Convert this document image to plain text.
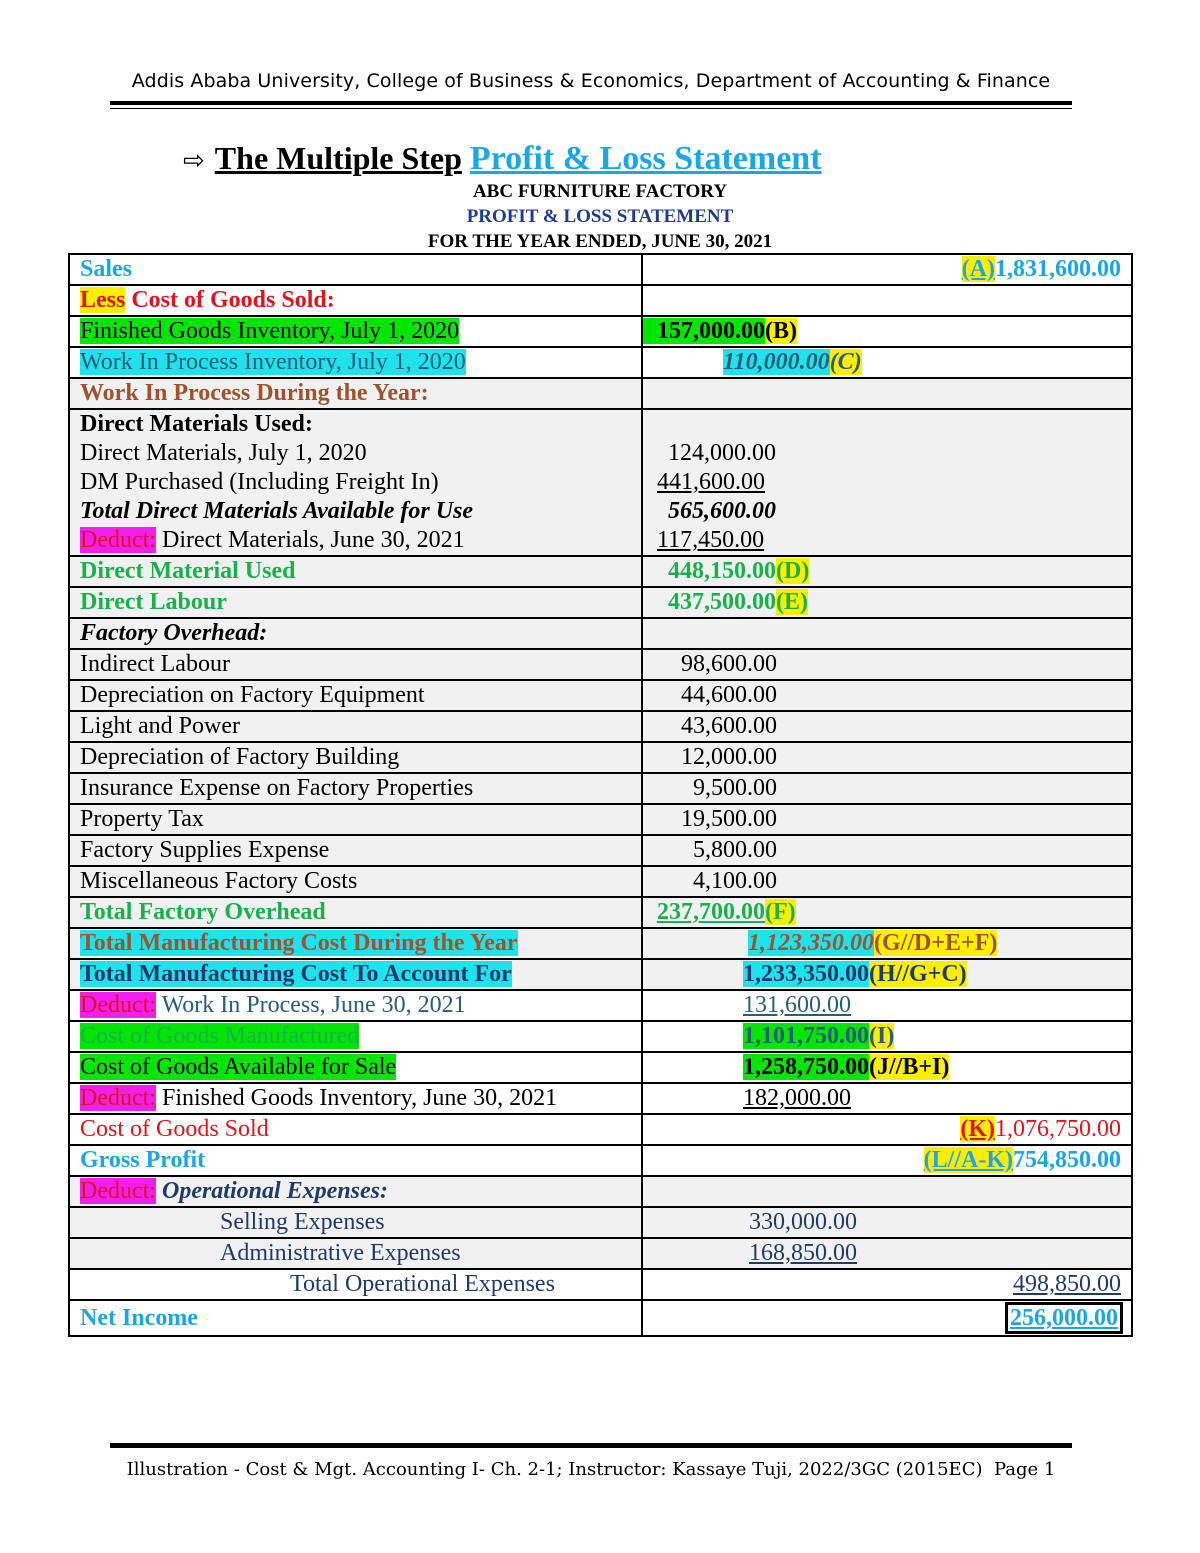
Addis Ababa University, College of Business & Economics, Department of Accounting & Finance
⇨ The Multiple Step Profit & Loss Statement
ABC FURNITURE FACTORY
PROFIT & LOSS STATEMENT
FOR THE YEAR ENDED, JUNE 30, 2021
Sales	(A)1,831,600.00

Less Cost of Goods Sold:	
Finished Goods Inventory, July 1, 2020	157,000.00(B)
Work In Process Inventory, July 1, 2020	110,000.00(C)
Work In Process During the Year:	
Direct Materials Used:	
Direct Materials, July 1, 2020	124,000.00
DM Purchased (Including Freight In)	441,600.00
Total Direct Materials Available for Use	565,600.00
Deduct: Direct Materials, June 30, 2021	117,450.00
Direct Material Used	448,150.00(D)
Direct Labour	437,500.00(E)
Factory Overhead:	
Indirect Labour	98,600.00
Depreciation on Factory Equipment	44,600.00
Light and Power	43,600.00
Depreciation of Factory Building	12,000.00
Insurance Expense on Factory Properties	9,500.00
Property Tax	19,500.00
Factory Supplies Expense	5,800.00
Miscellaneous Factory Costs	4,100.00
Total Factory Overhead	237,700.00(F)
Total Manufacturing Cost During the Year	1,123,350.00(G//D+E+F)
Total Manufacturing Cost To Account For	1,233,350.00(H//G+C)
Deduct: Work In Process, June 30, 2021	131,600.00
Cost of Goods Manufactured	1,101,750.00(I)
Cost of Goods Available for Sale	1,258,750.00(J//B+I)
Deduct: Finished Goods Inventory, June 30, 2021	182,000.00
Cost of Goods Sold	(K)1,076,750.00

Gross Profit	(L//A-K)754,850.00

Deduct: Operational Expenses:	
Selling Expenses	330,000.00
Administrative Expenses	168,850.00
Total Operational Expenses	498,850.00

Net Income	256,000.00
Illustration - Cost & Mgt. Accounting I- Ch. 2-1; Instructor: Kassaye Tuji, 2022/3GC (2015EC) Page 1
